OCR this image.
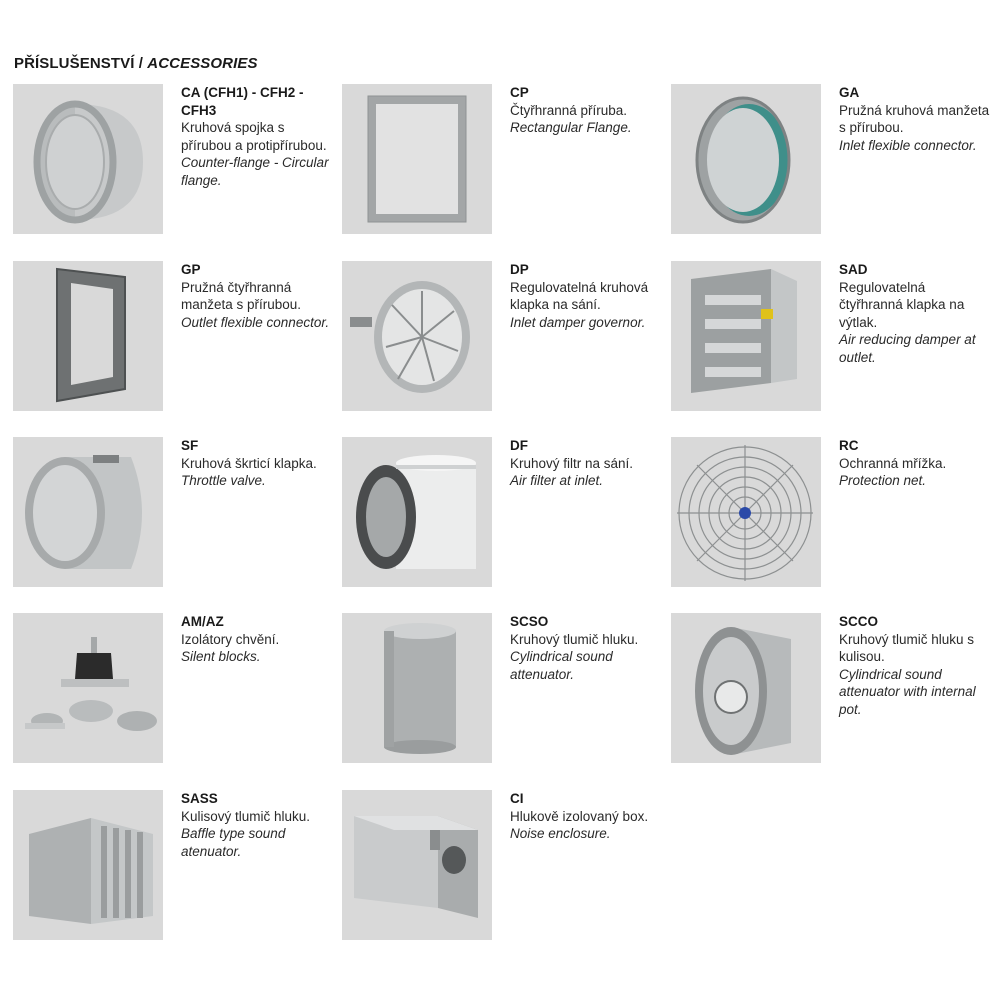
PŘÍSLUŠENSTVÍ / ACCESSORIES
CA (CFH1) - CFH2 - CFH3
Kruhová spojka s přírubou a protipřírubou.
Counter-flange - Circular flange.
CP
Čtyřhranná příruba.
Rectangular Flange.
GA
Pružná kruhová manžeta s přírubou.
Inlet flexible connector.
GP
Pružná čtyřhranná manžeta s přírubou.
Outlet flexible connector.
DP
Regulovatelná kruhová klapka na sání.
Inlet damper governor.
SAD
Regulovatelná čtyřhranná klapka na výtlak.
Air reducing damper at outlet.
SF
Kruhová škrticí klapka.
Throttle valve.
DF
Kruhový filtr na sání.
Air filter at inlet.
RC
Ochranná mřížka.
Protection net.
AM/AZ
Izolátory chvění.
Silent blocks.
SCSO
Kruhový tlumič hluku.
Cylindrical sound attenuator.
SCCO
Kruhový tlumič hluku s kulisou.
Cylindrical sound attenuator with internal pot.
SASS
Kulisový tlumič hluku.
Baffle type sound atenuator.
CI
Hlukově izolovaný box.
Noise enclosure.
